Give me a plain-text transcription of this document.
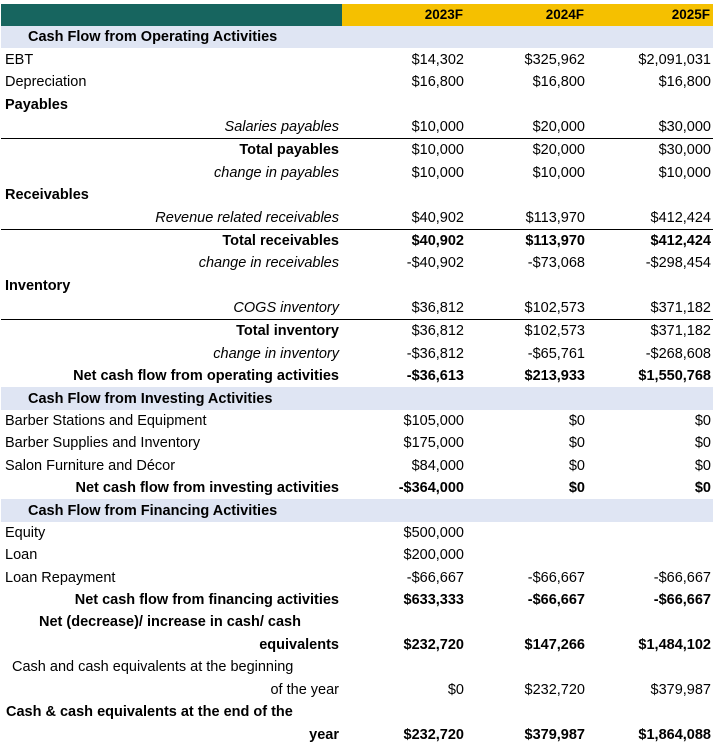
	2023F	2024F	2025F
Cash Flow from Operating Activities			
EBT	$14,302	$325,962	$2,091,031
Depreciation	$16,800	$16,800	$16,800
Payables			
Salaries payables	$10,000	$20,000	$30,000
Total payables	$10,000	$20,000	$30,000
change in payables	$10,000	$10,000	$10,000
Receivables			
Revenue related receivables	$40,902	$113,970	$412,424
Total receivables	$40,902	$113,970	$412,424
change in receivables	-$40,902	-$73,068	-$298,454
Inventory			
COGS inventory	$36,812	$102,573	$371,182
Total inventory	$36,812	$102,573	$371,182
change in inventory	-$36,812	-$65,761	-$268,608
Net cash flow from operating activities	-$36,613	$213,933	$1,550,768
Cash Flow from Investing Activities			
Barber Stations and Equipment	$105,000	$0	$0
Barber Supplies and Inventory	$175,000	$0	$0
Salon Furniture and Décor	$84,000	$0	$0
Net cash flow from investing activities	-$364,000	$0	$0
Cash Flow from Financing Activities			
Equity	$500,000		
Loan	$200,000		
Loan Repayment	-$66,667	-$66,667	-$66,667
Net cash flow from financing activities	$633,333	-$66,667	-$66,667

Net (decrease)/ increase in cash/ cash
equivalents	$232,720	$147,266	$1,484,102

Cash and cash equivalents at the beginning
of the year	$0	$232,720	$379,987

Cash & cash equivalents at the end of the
year	$232,720	$379,987	$1,864,088
